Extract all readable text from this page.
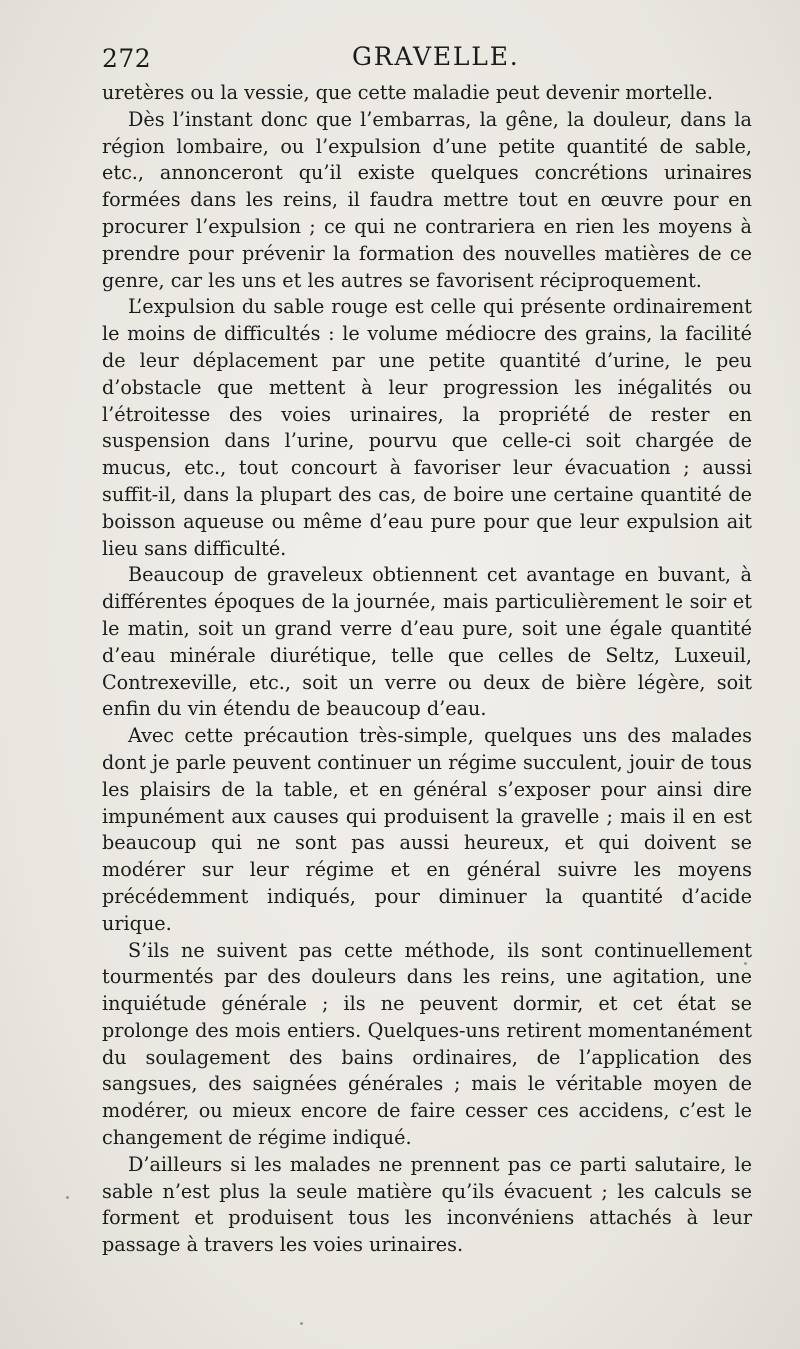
272	GRAVELLE.

uretères ou la vessie, que cette maladie peut devenir mortelle.

Dès l’instant donc que l’embarras, la gêne, la douleur, dans la région lombaire, ou l’expulsion d’une petite quantité de sable, etc., annonceront qu’il existe quelques concrétions urinaires formées dans les reins, il faudra mettre tout en œuvre pour en procurer l’expulsion ; ce qui ne contrariera en rien les moyens à prendre pour prévenir la formation des nouvelles matières de ce genre, car les uns et les autres se favorisent réciproquement.

L’expulsion du sable rouge est celle qui présente ordinairement le moins de difficultés : le volume médiocre des grains, la facilité de leur déplacement par une petite quantité d’urine, le peu d’obstacle que mettent à leur progression les inégalités ou l’étroitesse des voies urinaires, la propriété de rester en suspension dans l’urine, pourvu que celle-ci soit chargée de mucus, etc., tout concourt à favoriser leur évacuation ; aussi suffit-il, dans la plupart des cas, de boire une certaine quantité de boisson aqueuse ou même d’eau pure pour que leur expulsion ait lieu sans difficulté.

Beaucoup de graveleux obtiennent cet avantage en buvant, à différentes époques de la journée, mais particulièrement le soir et le matin, soit un grand verre d’eau pure, soit une égale quantité d’eau minérale diurétique, telle que celles de Seltz, Luxeuil, Contrexeville, etc., soit un verre ou deux de bière légère, soit enfin du vin étendu de beaucoup d’eau.

Avec cette précaution très-simple, quelques uns des malades dont je parle peuvent continuer un régime succulent, jouir de tous les plaisirs de la table, et en général s’exposer pour ainsi dire impunément aux causes qui produisent la gravelle ; mais il en est beaucoup qui ne sont pas aussi heureux, et qui doivent se modérer sur leur régime et en général suivre les moyens précédemment indiqués, pour diminuer la quantité d’acide urique.

S’ils ne suivent pas cette méthode, ils sont continuellement tourmentés par des douleurs dans les reins, une agitation, une inquiétude générale ; ils ne peuvent dormir, et cet état se prolonge des mois entiers. Quelques-uns retirent momentanément du soulagement des bains ordinaires, de l’application des sangsues, des saignées générales ; mais le véritable moyen de modérer, ou mieux encore de faire cesser ces accidens, c’est le changement de régime indiqué.

D’ailleurs si les malades ne prennent pas ce parti salutaire, le sable n’est plus la seule matière qu’ils évacuent ; les calculs se forment et produisent tous les inconvéniens attachés à leur passage à travers les voies urinaires.
